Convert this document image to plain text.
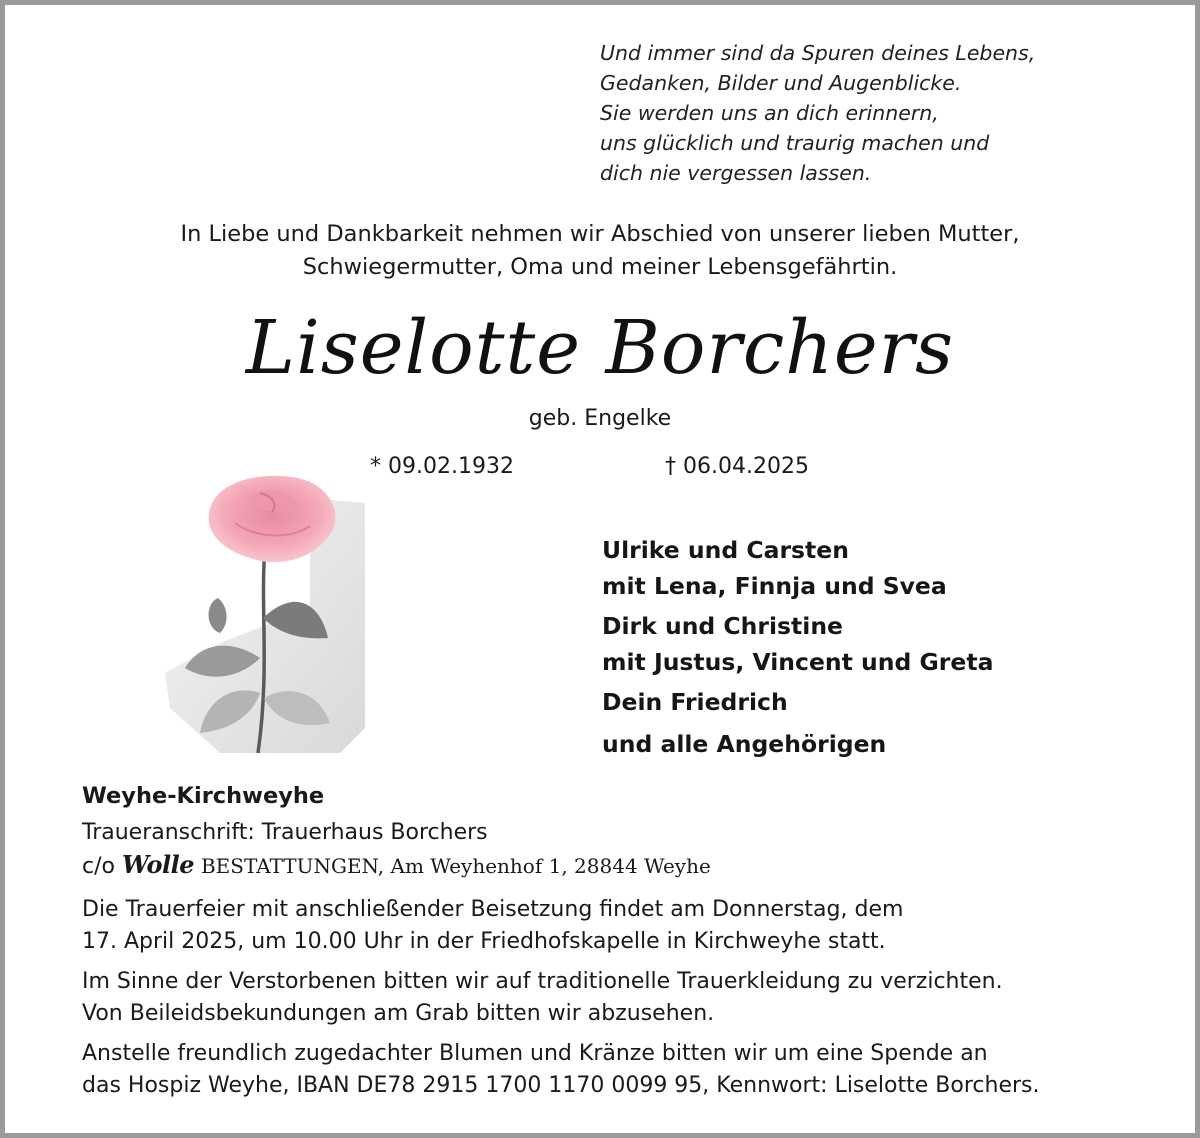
Und immer sind da Spuren deines Lebens,
Gedanken, Bilder und Augenblicke.
Sie werden uns an dich erinnern,
uns glücklich und traurig machen und
dich nie vergessen lassen.
In Liebe und Dankbarkeit nehmen wir Abschied von unserer lieben Mutter,
Schwiegermutter, Oma und meiner Lebensgefährtin.
Liselotte Borchers
geb. Engelke
* 09.02.1932	† 06.04.2025
Ulrike und Carsten
mit Lena, Finnja und Svea
Dirk und Christine
mit Justus, Vincent und Greta
Dein Friedrich
und alle Angehörigen
Weyhe-Kirchweyhe
Traueranschrift: Trauerhaus Borchers
c/o Wolle BESTATTUNGEN, Am Weyhenhof 1, 28844 Weyhe
Die Trauerfeier mit anschließender Beisetzung findet am Donnerstag, dem
17. April 2025, um 10.00 Uhr in der Friedhofskapelle in Kirchweyhe statt.
Im Sinne der Verstorbenen bitten wir auf traditionelle Trauerkleidung zu verzichten.
Von Beileidsbekundungen am Grab bitten wir abzusehen.
Anstelle freundlich zugedachter Blumen und Kränze bitten wir um eine Spende an
das Hospiz Weyhe, IBAN DE78 2915 1700 1170 0099 95, Kennwort: Liselotte Borchers.
